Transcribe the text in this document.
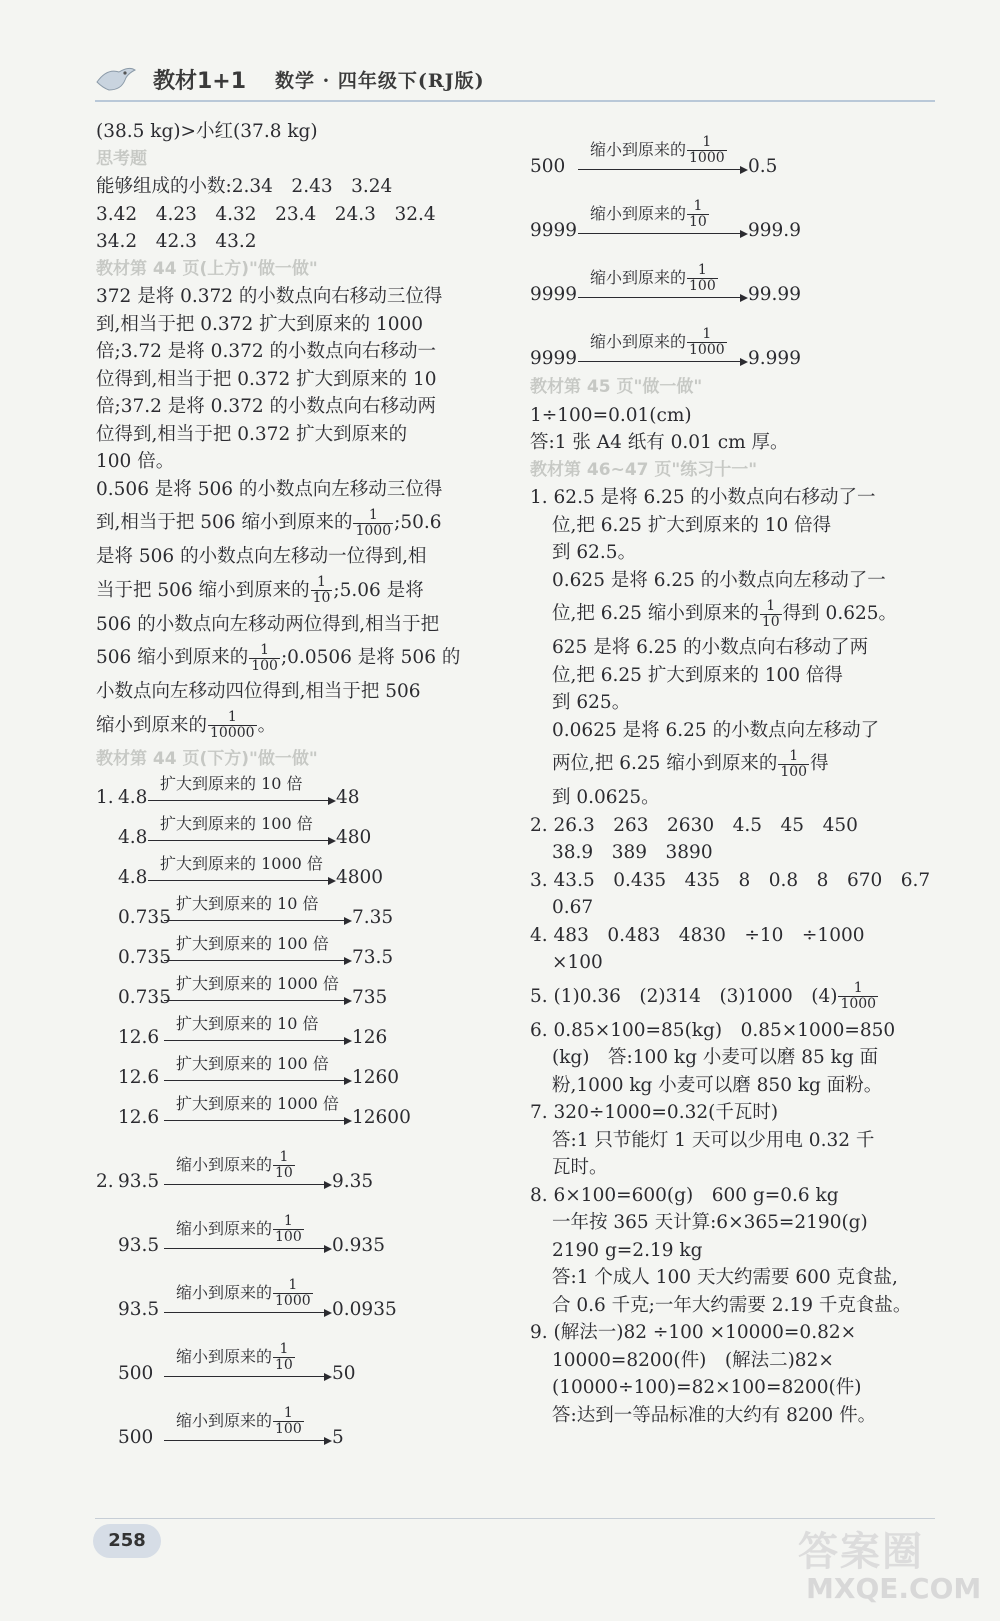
教材1+1 数学 · 四年级下(RJ版)
(38.5 kg)>小红(37.8 kg)
思考题
能够组成的小数:2.34　2.43　3.24
3.42　4.23　4.32　23.4　24.3　32.4
34.2　42.3　43.2
教材第 44 页(上方)"做一做"
372 是将 0.372 的小数点向右移动三位得
到,相当于把 0.372 扩大到原来的 1000
倍;3.72 是将 0.372 的小数点向右移动一
位得到,相当于把 0.372 扩大到原来的 10
倍;37.2 是将 0.372 的小数点向右移动两
位得到,相当于把 0.372 扩大到原来的
100 倍。
0.506 是将 506 的小数点向左移动三位得
到,相当于把 506 缩小到原来的 $\frac{1}{1000}$ ;50.6
是将 506 的小数点向左移动一位得到,相
当于把 506 缩小到原来的 $\frac{1}{10}$ ;5.06 是将
506 的小数点向左移动两位得到,相当于把
506 缩小到原来的 $\frac{1}{100}$ ;0.0506 是将 506 的
小数点向左移动四位得到,相当于把 506
缩小到原来的 $\frac{1}{10000}$ 。
教材第 44 页(下方)"做一做"
4.8
扩大到原来的 10 倍
48
1.
4.8
扩大到原来的 100 倍
480
4.8
扩大到原来的 1000 倍
4800
0.735
扩大到原来的 10 倍
7.35
0.735
扩大到原来的 100 倍
73.5
0.735
扩大到原来的 1000 倍
735
12.6
扩大到原来的 10 倍
126
12.6
扩大到原来的 100 倍
1260
12.6
扩大到原来的 1000 倍
12600
93.5
缩小到原来的 $\frac{1}{10} 9.35$
2.
93.5
缩小到原来的 $\frac{1}{100} 0.935$
93.5
缩小到原来的 $\frac{1}{1000} 0.0935$
500
缩小到原来的 $\frac{1}{10} 50$
500
缩小到原来的 $\frac{1}{100} 5$
500
缩小到原来的 $\frac{1}{1000} 0.5$
9999
缩小到原来的 $\frac{1}{10} 999.9$
9999
缩小到原来的 $\frac{1}{100} 99.99$
9999
缩小到原来的 $\frac{1}{1000} 9.999$
教材第 45 页"做一做"
1÷100=0.01(cm)
答:1 张 A4 纸有 0.01 cm 厚。
教材第 46~47 页"练习十一"
1. 62.5 是将 6.25 的小数点向右移动了一
位,把 6.25 扩大到原来的 10 倍得
到 62.5。
0.625 是将 6.25 的小数点向左移动了一
位,把 6.25 缩小到原来的 $\frac{1}{10}$ 得到 0.625。
625 是将 6.25 的小数点向右移动了两
位,把 6.25 扩大到原来的 100 倍得
到 625。
0.0625 是将 6.25 的小数点向左移动了
两位,把 6.25 缩小到原来的 $\frac{1}{100}$ 得
到 0.0625。
2. 26.3　263　2630　4.5　45　450
38.9　389　3890
3. 43.5　0.435　435　8　0.8　8　670　6.7
0.67
4. 483　0.483　4830　÷10　÷1000
×100
5. (1)0.36　(2)314　(3)1000　$(4) \frac{1}{1000}$
6. 0.85×100=85(kg)　0.85×1000=850
(kg)　答:100 kg 小麦可以磨 85 kg 面
粉,1000 kg 小麦可以磨 850 kg 面粉。
7. 320÷1000=0.32(千瓦时)
答:1 只节能灯 1 天可以少用电 0.32 千
瓦时。
8. 6×100=600(g)　600 g=0.6 kg
一年按 365 天计算:6×365=2190(g)
2190 g=2.19 kg
答:1 个成人 100 天大约需要 600 克食盐,
合 0.6 千克;一年大约需要 2.19 千克食盐。
9. (解法一)82 ÷100 ×10000=0.82×
10000=8200(件)　(解法二)82×
(10000÷100)=82×100=8200(件)
答:达到一等品标准的大约有 8200 件。
258	答案圈
MXQE.COM
